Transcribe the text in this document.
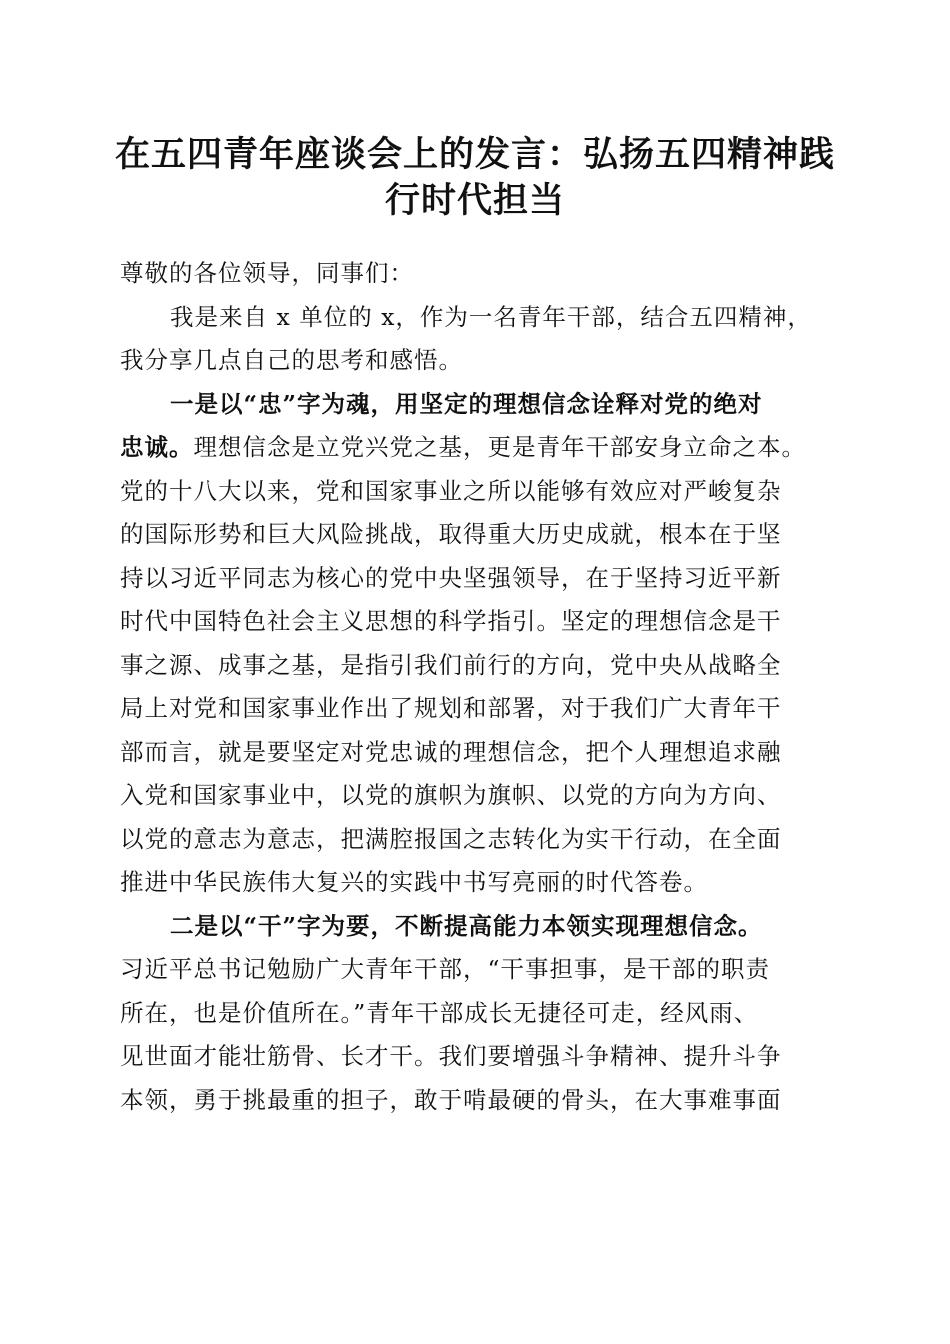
在五四青年座谈会上的发言：弘扬五四精神践
行时代担当
尊敬的各位领导，同事们：
我是来自 x 单位的 x，作为一名青年干部，结合五四精神，
我分享几点自己的思考和感悟。
一是以“忠”字为魂，用坚定的理想信念诠释对党的绝对
忠诚。理想信念是立党兴党之基，更是青年干部安身立命之本。
党的十八大以来，党和国家事业之所以能够有效应对严峻复杂
的国际形势和巨大风险挑战，取得重大历史成就，根本在于坚
持以习近平同志为核心的党中央坚强领导，在于坚持习近平新
时代中国特色社会主义思想的科学指引。坚定的理想信念是干
事之源、成事之基，是指引我们前行的方向，党中央从战略全
局上对党和国家事业作出了规划和部署，对于我们广大青年干
部而言，就是要坚定对党忠诚的理想信念，把个人理想追求融
入党和国家事业中，以党的旗帜为旗帜、以党的方向为方向、
以党的意志为意志，把满腔报国之志转化为实干行动，在全面
推进中华民族伟大复兴的实践中书写亮丽的时代答卷。
二是以“干”字为要，不断提高能力本领实现理想信念。
习近平总书记勉励广大青年干部，“干事担事，是干部的职责
所在，也是价值所在。”青年干部成长无捷径可走，经风雨、
见世面才能壮筋骨、长才干。我们要增强斗争精神、提升斗争
本领，勇于挑最重的担子，敢于啃最硬的骨头，在大事难事面
